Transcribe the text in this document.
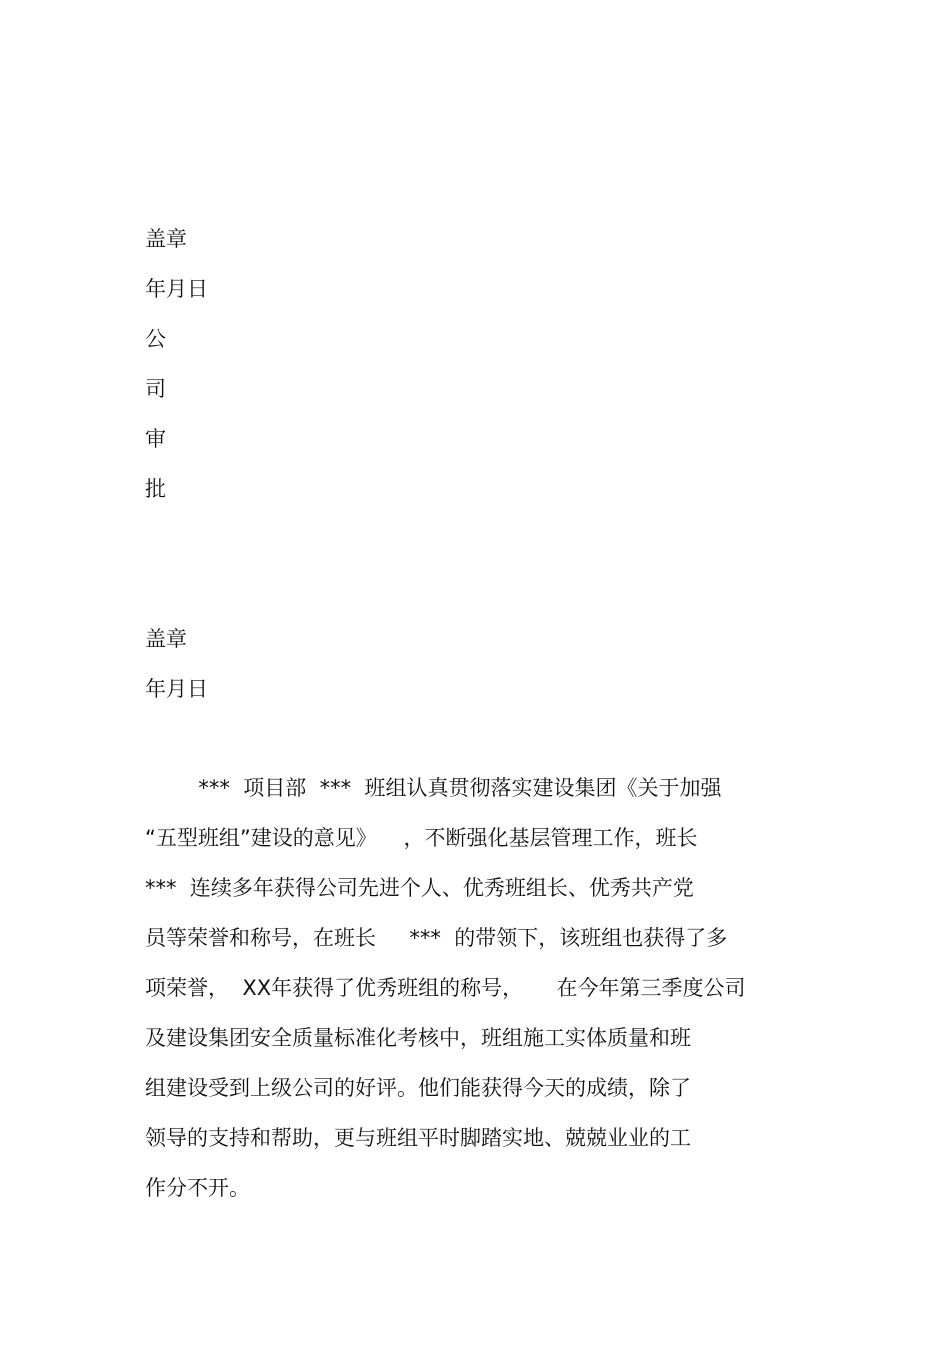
盖章
年月日
公
司
审
批
盖章
年月日
***  项目部  ***  班组认真贯彻落实建设集团《关于加强
“五型班组”建设的意见》    ，不断强化基层管理工作，班长
***  连续多年获得公司先进个人、优秀班组长、优秀共产党
员等荣誉和称号，在班长     ***  的带领下，该班组也获得了多
项荣誉，  XX年获得了优秀班组的称号，     在今年第三季度公司
及建设集团安全质量标准化考核中，班组施工实体质量和班
组建设受到上级公司的好评。他们能获得今天的成绩，除了
领导的支持和帮助，更与班组平时脚踏实地、兢兢业业的工
作分不开。
